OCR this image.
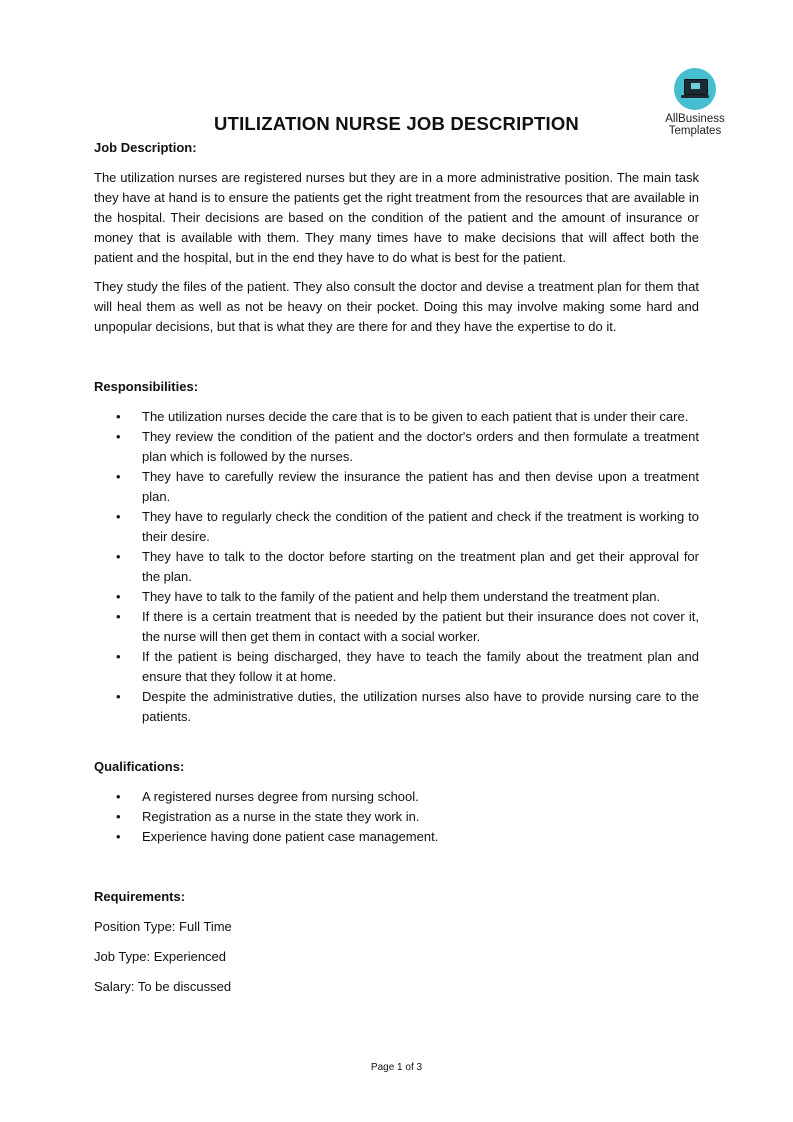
AllBusiness
Templates
UTILIZATION NURSE JOB DESCRIPTION
Job Description:

The utilization nurses are registered nurses but they are in a more administrative position. The main task they have at hand is to ensure the patients get the right treatment from the resources that are available in the hospital. Their decisions are based on the condition of the patient and the amount of insurance or money that is available with them. They many times have to make decisions that will affect both the patient and the hospital, but in the end they have to do what is best for the patient.

They study the files of the patient. They also consult the doctor and devise a treatment plan for them that will heal them as well as not be heavy on their pocket. Doing this may involve making some hard and unpopular decisions, but that is what they are there for and they have the expertise to do it.

Responsibilities:
• The utilization nurses decide the care that is to be given to each patient that is under their care.
• They review the condition of the patient and the doctor's orders and then formulate a treatment plan which is followed by the nurses.
• They have to carefully review the insurance the patient has and then devise upon a treatment plan.
• They have to regularly check the condition of the patient and check if the treatment is working to their desire.
• They have to talk to the doctor before starting on the treatment plan and get their approval for the plan.
• They have to talk to the family of the patient and help them understand the treatment plan.
• If there is a certain treatment that is needed by the patient but their insurance does not cover it, the nurse will then get them in contact with a social worker.
• If the patient is being discharged, they have to teach the family about the treatment plan and ensure that they follow it at home.
• Despite the administrative duties, the utilization nurses also have to provide nursing care to the patients.
Qualifications:
• A registered nurses degree from nursing school.
• Registration as a nurse in the state they work in.
• Experience having done patient case management.
Requirements:
Position Type: Full Time
Job Type: Experienced
Salary: To be discussed
Page 1 of 3
